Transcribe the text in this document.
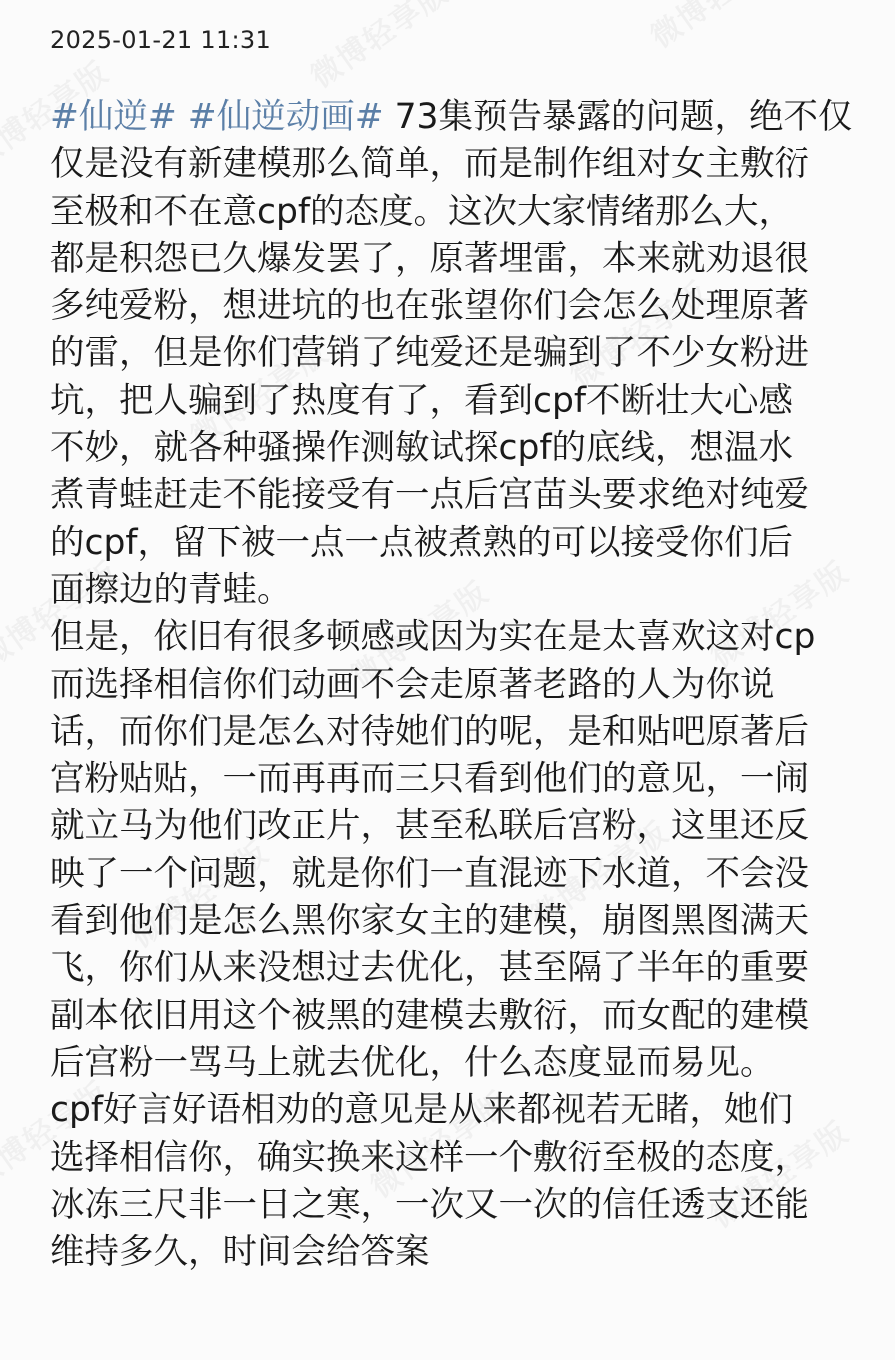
2025-01-21 11:31
#仙逆# #仙逆动画# 73集预告暴露的问题，绝不仅
仅是没有新建模那么简单，而是制作组对女主敷衍
至极和不在意cpf的态度。这次大家情绪那么大，
都是积怨已久爆发罢了，原著埋雷，本来就劝退很
多纯爱粉，想进坑的也在张望你们会怎么处理原著
的雷，但是你们营销了纯爱还是骗到了不少女粉进
坑，把人骗到了热度有了，看到cpf不断壮大心感
不妙，就各种骚操作测敏试探cpf的底线，想温水
煮青蛙赶走不能接受有一点后宫苗头要求绝对纯爱
的cpf，留下被一点一点被煮熟的可以接受你们后
面擦边的青蛙。
但是，依旧有很多顿感或因为实在是太喜欢这对cp
而选择相信你们动画不会走原著老路的人为你说
话，而你们是怎么对待她们的呢，是和贴吧原著后
宫粉贴贴，一而再再而三只看到他们的意见，一闹
就立马为他们改正片，甚至私联后宫粉，这里还反
映了一个问题，就是你们一直混迹下水道，不会没
看到他们是怎么黑你家女主的建模，崩图黑图满天
飞，你们从来没想过去优化，甚至隔了半年的重要
副本依旧用这个被黑的建模去敷衍，而女配的建模
后宫粉一骂马上就去优化，什么态度显而易见。
cpf好言好语相劝的意见是从来都视若无睹，她们
选择相信你，确实换来这样一个敷衍至极的态度，
冰冻三尺非一日之寒，一次又一次的信任透支还能
维持多久，时间会给答案
